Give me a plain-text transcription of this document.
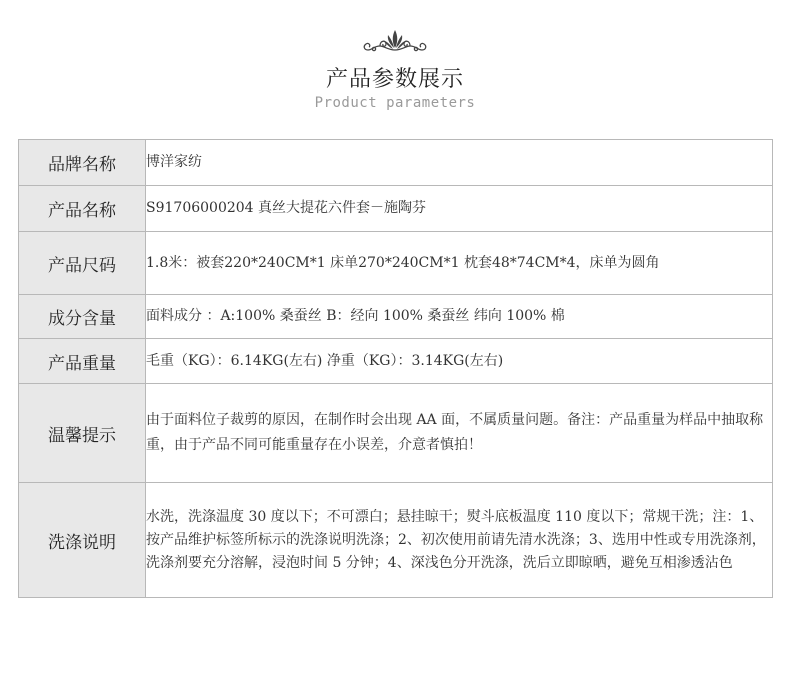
产品参数展示
Product parameters
品牌名称	博洋家纺
产品名称	S91706000204 真丝大提花六件套－施陶芬
产品尺码	1.8米：被套220*240CM*1 床单270*240CM*1 枕套48*74CM*4，床单为圆角
成分含量	面料成分 ：A:100% 桑蚕丝 B：经向 100% 桑蚕丝 纬向 100% 棉
产品重量	毛重（KG）：6.14KG(左右) 净重（KG）：3.14KG(左右)
温馨提示	由于面料位子裁剪的原因，在制作时会出现 AA 面，不属质量问题。备注：产品重量为样品中抽取称重，由于产品不同可能重量存在小误差，介意者慎拍！
洗涤说明	水洗，洗涤温度 30 度以下；不可漂白；悬挂晾干；熨斗底板温度 110 度以下；常规干洗；注：1、按产品维护标签所标示的洗涤说明洗涤；2、初次使用前请先清水洗涤；3、选用中性或专用洗涤剂，洗涤剂要充分溶解，浸泡时间 5 分钟；4、深浅色分开洗涤，洗后立即晾晒，避免互相渗透沾色
